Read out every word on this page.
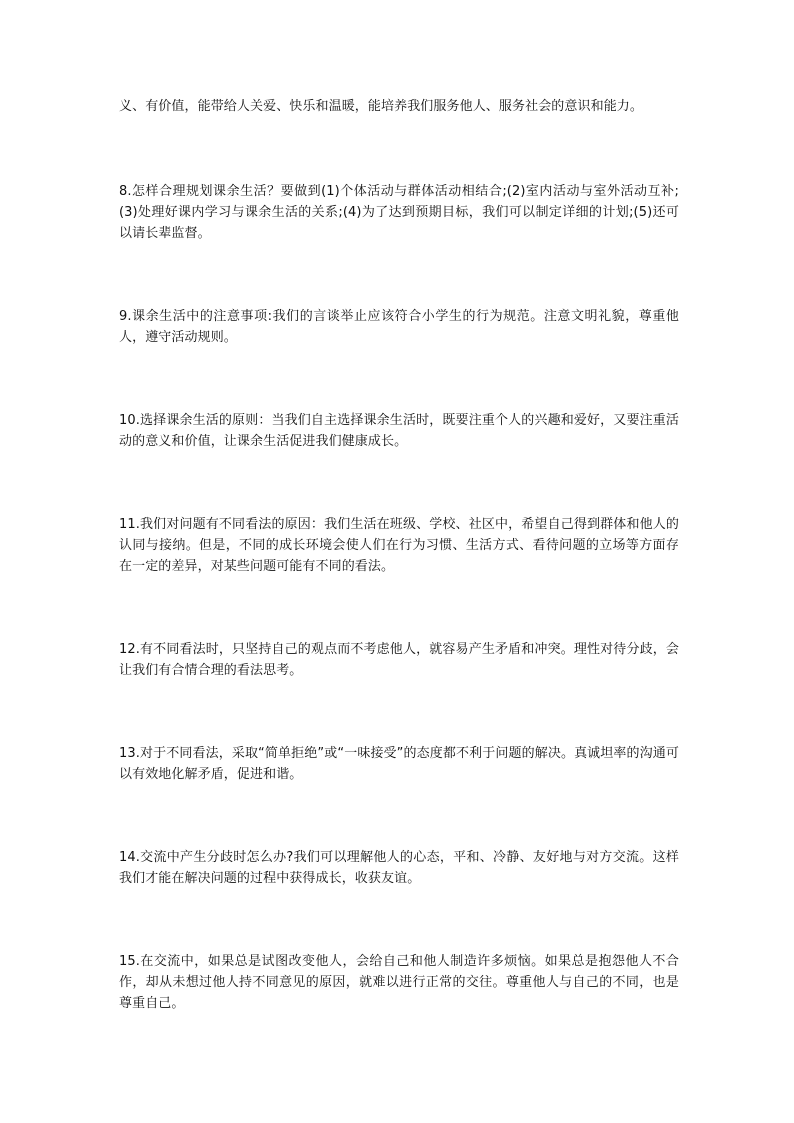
义、有价值，能带给人关爱、快乐和温暖，能培养我们服务他人、服务社会的意识和能力。

8.怎样合理规划课余生活？要做到(1)个体活动与群体活动相结合;(2)室内活动与室外活动互补;(3)处理好课内学习与课余生活的关系;(4)为了达到预期目标，我们可以制定详细的计划;(5)还可以请长辈监督。

9.课余生活中的注意事项:我们的言谈举止应该符合小学生的行为规范。注意文明礼貌，尊重他人，遵守活动规则。

10.选择课余生活的原则：当我们自主选择课余生活时，既要注重个人的兴趣和爱好，又要注重活动的意义和价值，让课余生活促进我们健康成长。

11.我们对问题有不同看法的原因：我们生活在班级、学校、社区中，希望自己得到群体和他人的认同与接纳。但是，不同的成长环境会使人们在行为习惯、生活方式、看待问题的立场等方面存在一定的差异，对某些问题可能有不同的看法。

12.有不同看法时，只坚持自己的观点而不考虑他人，就容易产生矛盾和冲突。理性对待分歧，会让我们有合情合理的看法思考。

13.对于不同看法，采取“简单拒绝”或“一味接受”的态度都不利于问题的解决。真诚坦率的沟通可以有效地化解矛盾，促进和谐。

14.交流中产生分歧时怎么办?我们可以理解他人的心态，平和、冷静、友好地与对方交流。这样我们才能在解决问题的过程中获得成长，收获友谊。

15.在交流中，如果总是试图改变他人，会给自己和他人制造许多烦恼。如果总是抱怨他人不合作，却从未想过他人持不同意见的原因，就难以进行正常的交往。尊重他人与自己的不同，也是尊重自己。
